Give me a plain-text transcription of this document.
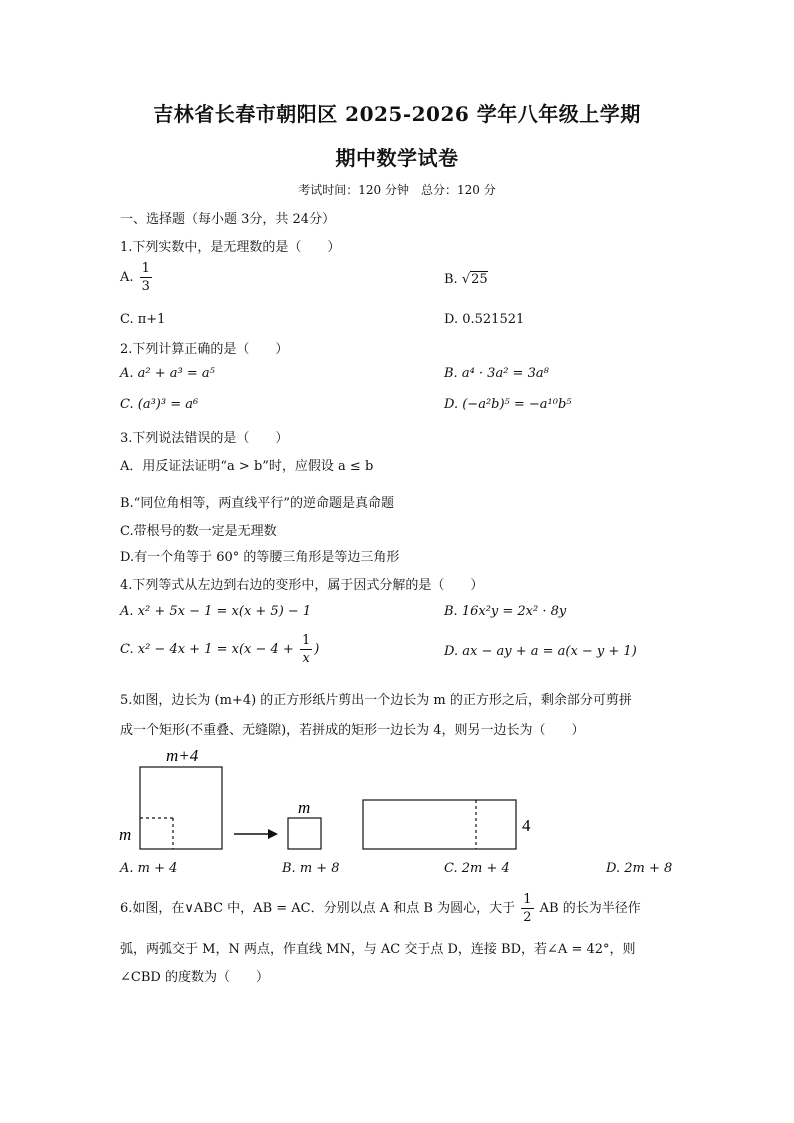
吉林省长春市朝阳区 2025-2026 学年八年级上学期
期中数学试卷
考试时间：120 分钟　总分：120 分
一、选择题（每小题 3分，共 24分）
1.下列实数中，是无理数的是（　　）
A. $\frac{1}{3}$	B. √25
C. π+1	D. 0.521521
2.下列计算正确的是（　　）
A. a² + a³ = a⁵	B. a⁴ · 3a² = 3a⁸
C. (a³)³ = a⁶	D. (−a²b)⁵ = −a¹⁰b⁵
3.下列说法错误的是（　　）
A．用反证法证明“a > b”时，应假设 a ≤ b
B.“同位角相等，两直线平行”的逆命题是真命题
C.带根号的数一定是无理数
D.有一个角等于 60° 的等腰三角形是等边三角形
4.下列等式从左边到右边的变形中，属于因式分解的是（　　）
A. x² + 5x − 1 = x(x + 5) − 1	B. 16x²y = 2x² · 8y
C. $x^2 - 4x + 1 = x(x - 4 + \frac{1}{x}$ )	D. ax − ay + a = a(x − y + 1)
5.如图，边长为 (m+4) 的正方形纸片剪出一个边长为 m 的正方形之后，剩余部分可剪拼
成一个矩形(不重叠、无缝隙)，若拼成的矩形一边长为 4，则另一边长为（　　）
m+4
m
m
4
A. m + 4	B. m + 8	C. 2m + 4	D. 2m + 8
6.如图，在∨ABC 中，AB = AC．分别以点 A 和点 B 为圆心，大于 $\frac{1}{2}$ AB 的长为半径作
弧，两弧交于 M，N 两点，作直线 MN，与 AC 交于点 D，连接 BD，若∠A = 42°，则
∠CBD 的度数为（　　）
